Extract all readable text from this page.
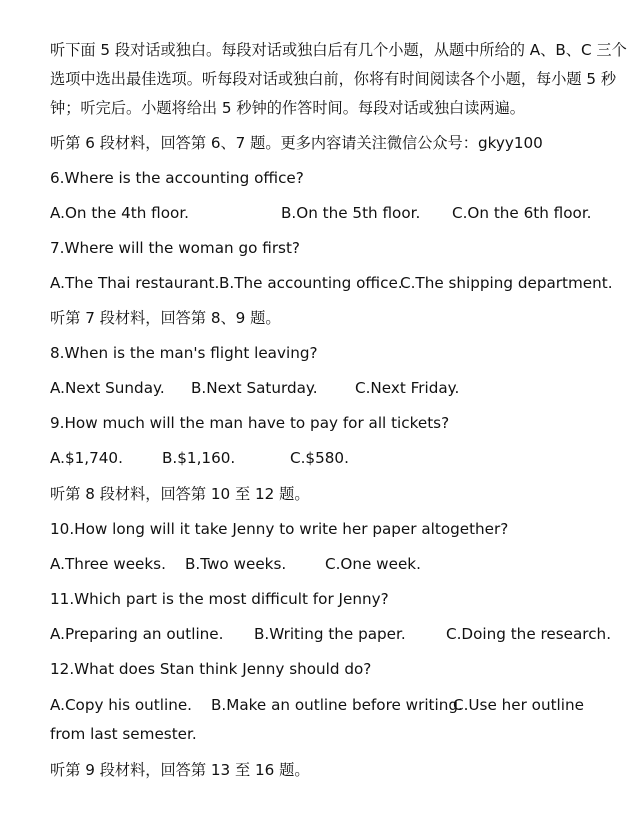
听下面 5 段对话或独白。每段对话或独白后有几个小题，从题中所给的 A、B、C 三个
选项中选出最佳选项。听每段对话或独白前，你将有时间阅读各个小题，每小题 5 秒
钟；听完后。小题将给出 5 秒钟的作答时间。每段对话或独白读两遍。
听第 6 段材料，回答第 6、7 题。更多内容请关注微信公众号：gkyy100
6.Where is the accounting office?
A.On the 4th floor.	B.On the 5th floor. C.On the 6th floor.
7.Where will the woman go first?
A.The Thai restaurant. B.The accounting office.
C.The shipping department.
听第 7 段材料，回答第 8、9 题。
8.When is the man's flight leaving?
A.Next Sunday. B.Next Saturday. C.Next Friday.
9.How much will the man have to pay for all tickets?
A.$1,740.	B.$1,160.	C.$580.
听第 8 段材料，回答第 10 至 12 题。
10.How long will it take Jenny to write her paper altogether?
A.Three weeks. B.Two weeks.	C.One week.
11.Which part is the most difficult for Jenny?
A.Preparing an outline. B.Writing the paper.	C.Doing the research.
12.What does Stan think Jenny should do?
A.Copy his outline. B.Make an outline before writing.
C.Use her outline
from last semester.
听第 9 段材料，回答第 13 至 16 题。
